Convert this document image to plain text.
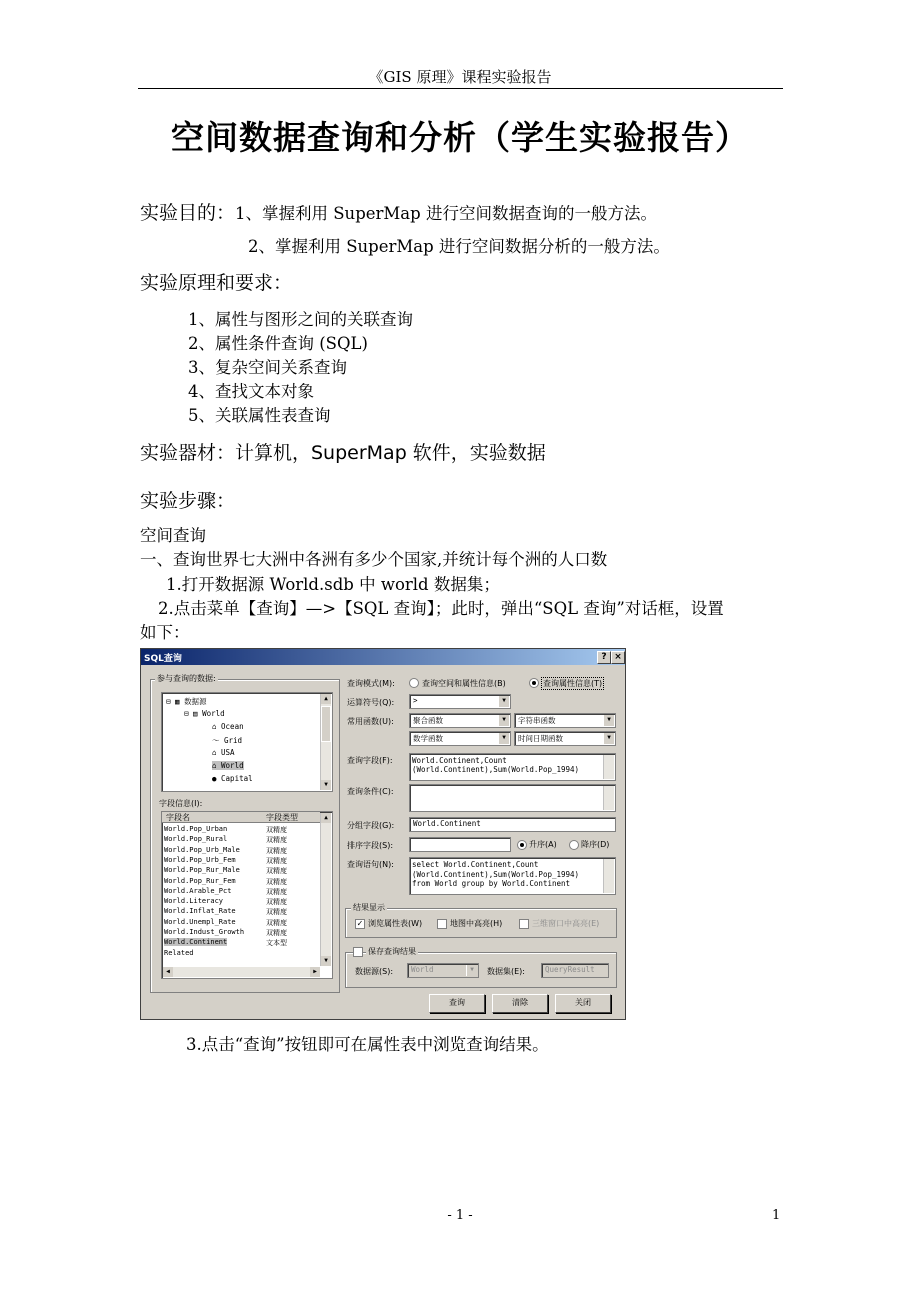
《GIS 原理》课程实验报告
空间数据查询和分析（学生实验报告）
实验目的：1、掌握利用 SuperMap 进行空间数据查询的一般方法。
2、掌握利用 SuperMap 进行空间数据分析的一般方法。
实验原理和要求：
1、属性与图形之间的关联查询
2、属性条件查询 (SQL)
3、复杂空间关系查询
4、查找文本对象
5、关联属性表查询
实验器材：计算机，SuperMap 软件，实验数据
实验步骤：
空间查询
一、查询世界七大洲中各洲有多少个国家,并统计每个洲的人口数
1.打开数据源 World.sdb 中 world 数据集；
2.点击菜单【查询】—>【SQL 查询】；此时，弹出“SQL 查询”对话框，设置
如下：
SQL查询	? ×
参与查询的数据:
⊟ ▦ 数据源
⊟ ▤ World
⌂ Ocean
〜 Grid
⌂ USA
⌂ World
● Capital
▲
▼
字段信息(I):
字段名	字段类型
World.Pop_Urban	双精度
World.Pop_Rural	双精度
World.Pop_Urb_Male	双精度
World.Pop_Urb_Fem	双精度
World.Pop_Rur_Male	双精度
World.Pop_Rur_Fem	双精度
World.Arable_Pct	双精度
World.Literacy	双精度
World.Inflat_Rate	双精度
World.Unempl_Rate	双精度
World.Indust_Growth	双精度
World.Continent	文本型
Related
▲
▼
◀	▶
查询模式(M):	查询空间和属性信息(B)	查询属性信息(T)
运算符号(Q):	>	▼
常用函数(U):	聚合函数	▼	字符串函数	▼
数学函数	▼	时间日期函数	▼
查询字段(F):	World.Continent,Count (World.Continent),Sum(World.Pop_1994)
查询条件(C):
分组字段(G):	World.Continent
排序字段(S):	升序(A)	降序(D)
查询语句(N): select World.Continent,Count (World.Continent),Sum(World.Pop_1994) from World group by World.Continent
结果显示
✓ 浏览属性表(W)	地图中高亮(H)	三维窗口中高亮(E)
保存查询结果
数据源(S): World	▼	数据集(E):	QueryResult
查询	清除	关闭
3.点击“查询”按钮即可在属性表中浏览查询结果。
- 1 -	1
